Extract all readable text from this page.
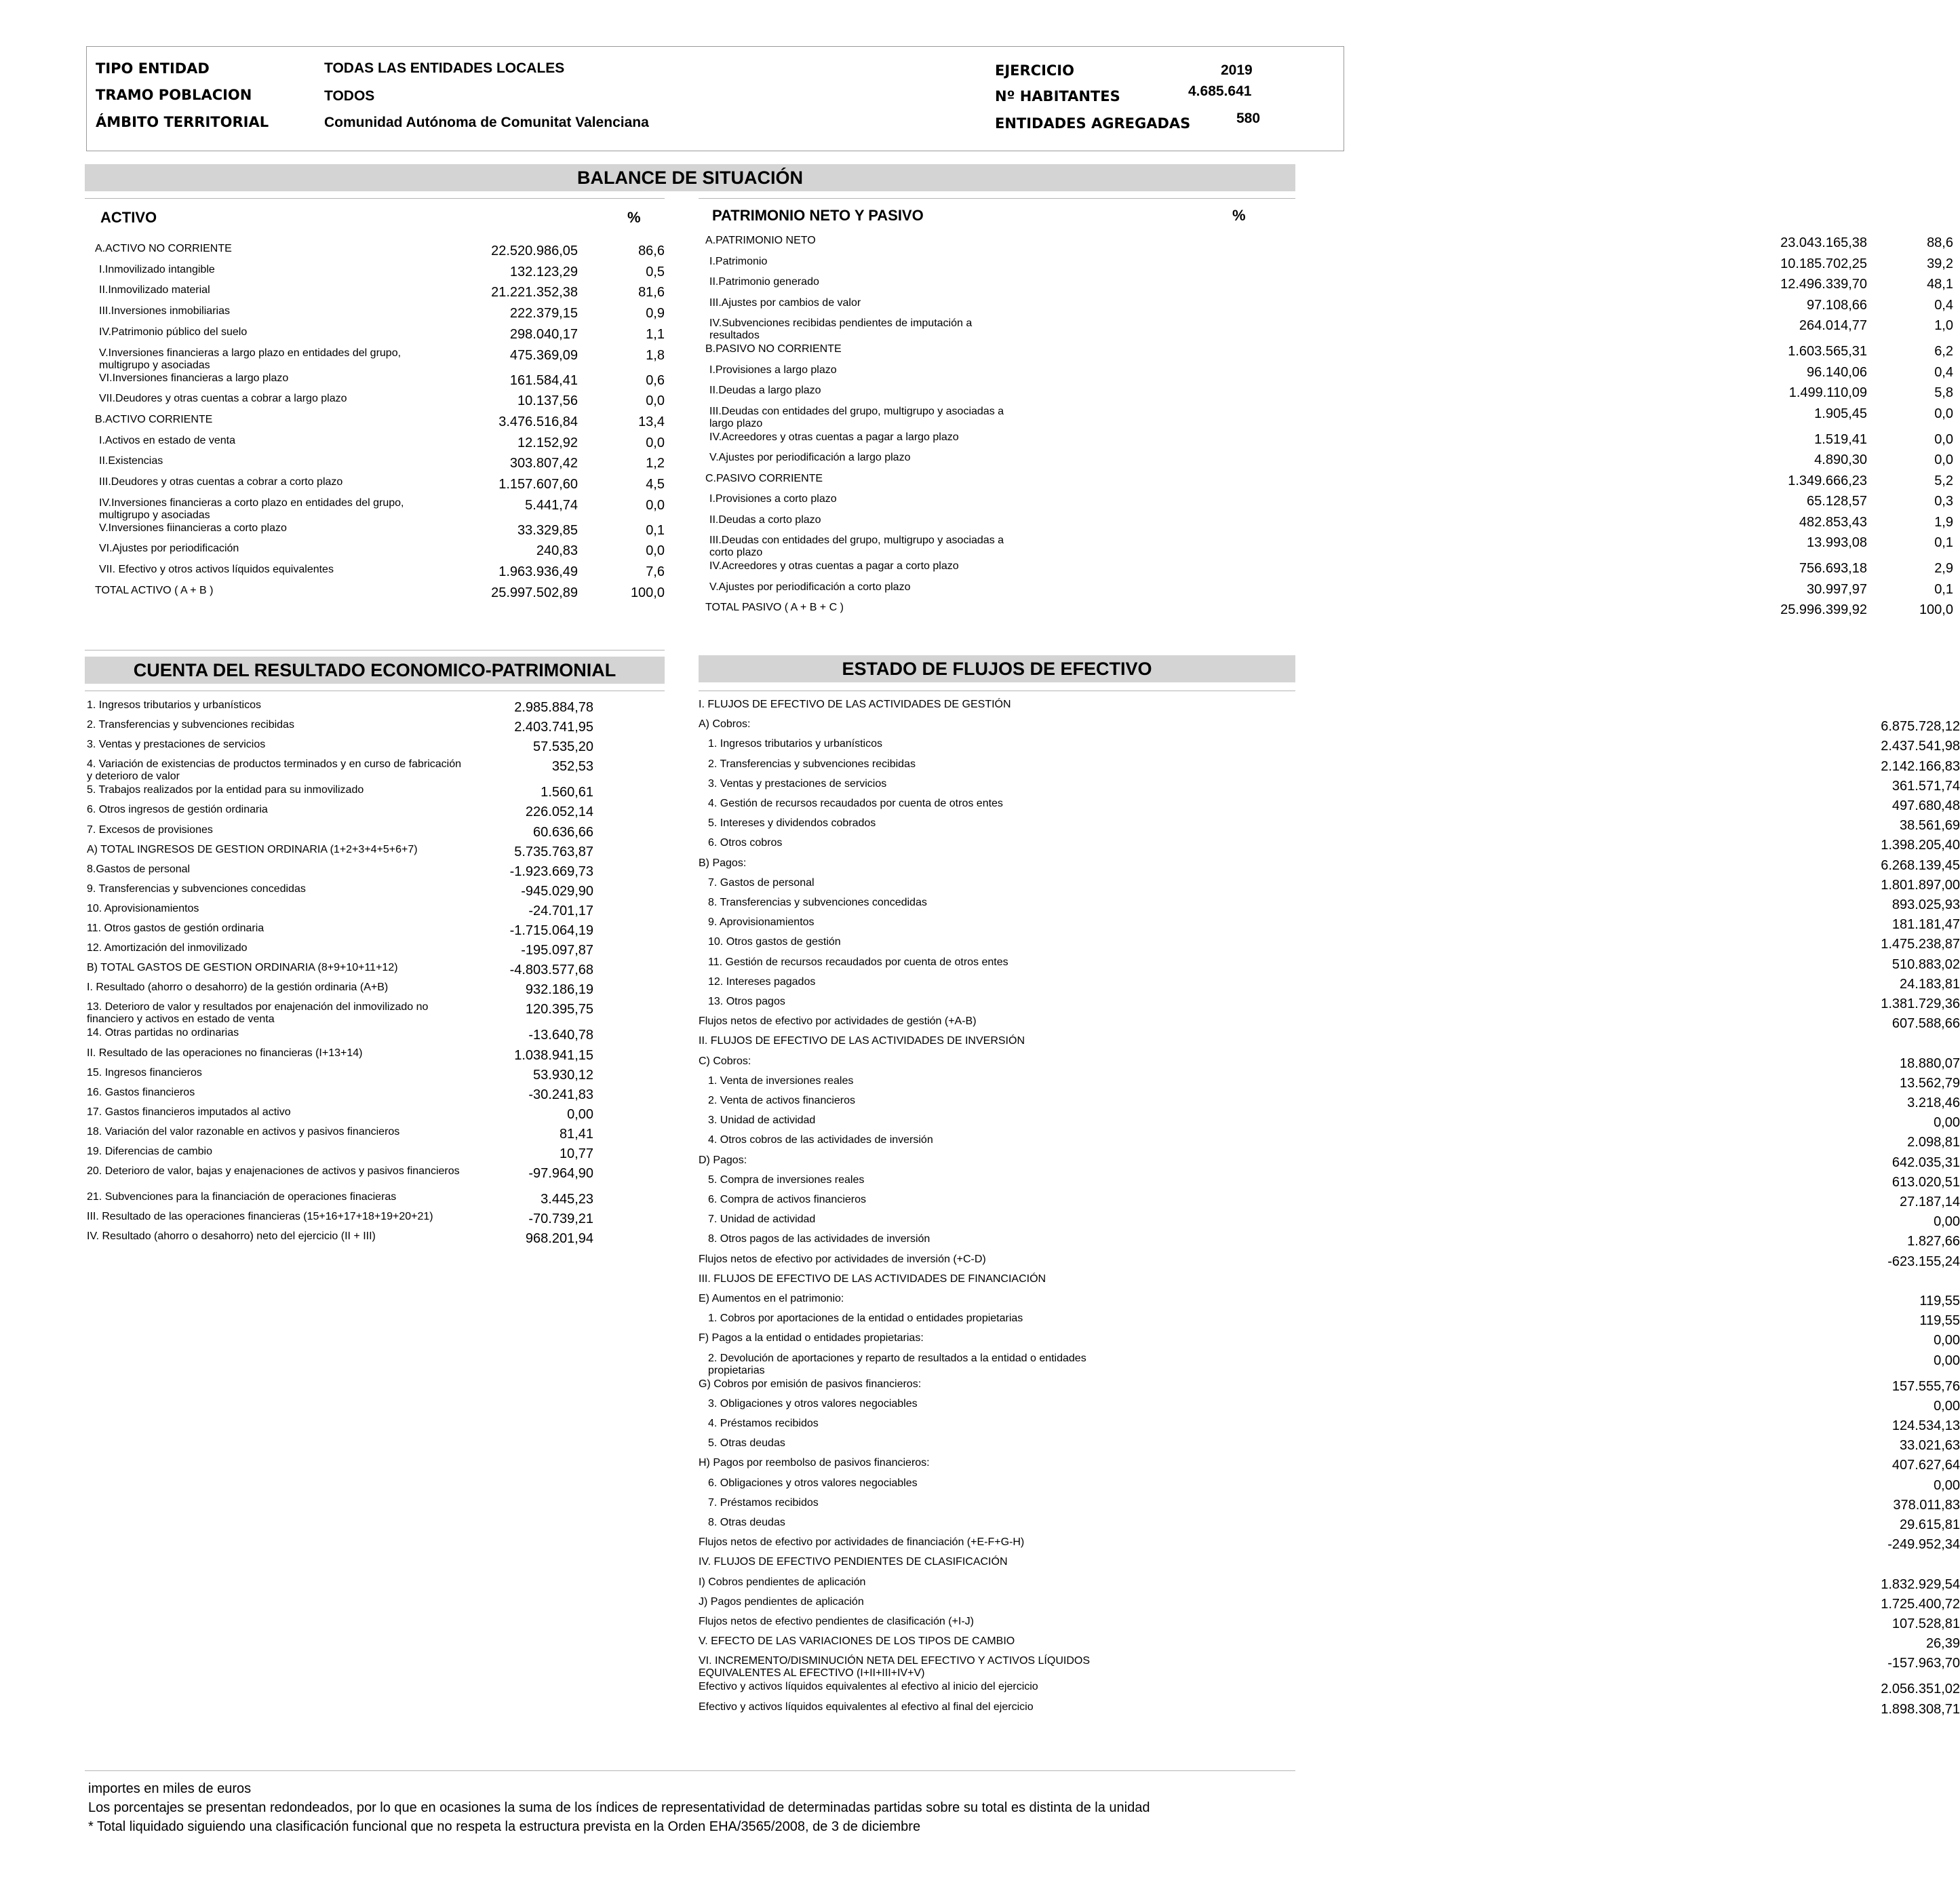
TIPO ENTIDAD	TODAS LAS ENTIDADES LOCALES
TRAMO POBLACION	TODOS
ÁMBITO TERRITORIAL	Comunidad Autónoma de Comunitat Valenciana
EJERCICIO	2019
Nº HABITANTES	4.685.641
ENTIDADES AGREGADAS	580
BALANCE DE SITUACIÓN
ACTIVO	%	PATRIMONIO NETO Y PASIVO	%
A.ACTIVO NO CORRIENTE	22.520.986,05	86,6
I.Inmovilizado intangible	132.123,29	0,5
II.Inmovilizado material	21.221.352,38	81,6
III.Inversiones inmobiliarias	222.379,15	0,9
IV.Patrimonio público del suelo	298.040,17	1,1
V.Inversiones financieras a largo plazo en entidades del grupo, multigrupo y asociadas
475.369,09	1,8
VI.Inversiones financieras a largo plazo	161.584,41	0,6
VII.Deudores y otras cuentas a cobrar a largo plazo	10.137,56	0,0
B.ACTIVO CORRIENTE	3.476.516,84	13,4
I.Activos en estado de venta	12.152,92	0,0
II.Existencias	303.807,42	1,2
III.Deudores y otras cuentas a cobrar a corto plazo	1.157.607,60	4,5
IV.Inversiones financieras a corto plazo en entidades del grupo, multigrupo y asociadas
5.441,74	0,0
V.Inversiones fiinancieras a corto plazo	33.329,85	0,1
VI.Ajustes por periodificación	240,83	0,0
VII. Efectivo y otros activos líquidos equivalentes	1.963.936,49	7,6
TOTAL ACTIVO ( A + B )	25.997.502,89	100,0
A.PATRIMONIO NETO	23.043.165,38	88,6
I.Patrimonio	10.185.702,25	39,2
II.Patrimonio generado	12.496.339,70	48,1
III.Ajustes por cambios de valor	97.108,66	0,4
IV.Subvenciones recibidas pendientes de imputación a resultados
264.014,77	1,0
B.PASIVO NO CORRIENTE	1.603.565,31	6,2
I.Provisiones a largo plazo	96.140,06	0,4
II.Deudas a largo plazo	1.499.110,09	5,8
III.Deudas con entidades del grupo, multigrupo y asociadas a largo plazo
1.905,45	0,0
IV.Acreedores y otras cuentas a pagar a largo plazo	1.519,41	0,0
V.Ajustes por periodificación a largo plazo	4.890,30	0,0
C.PASIVO CORRIENTE	1.349.666,23	5,2
I.Provisiones a corto plazo	65.128,57	0,3
II.Deudas a corto plazo	482.853,43	1,9
III.Deudas con entidades del grupo, multigrupo y asociadas a corto plazo
13.993,08	0,1
IV.Acreedores y otras cuentas a pagar a corto plazo	756.693,18	2,9
V.Ajustes por periodificación a corto plazo	30.997,97	0,1
TOTAL PASIVO ( A + B + C )	25.996.399,92	100,0
CUENTA DEL RESULTADO ECONOMICO-PATRIMONIAL
1. Ingresos tributarios y urbanísticos	2.985.884,78
2. Transferencias y subvenciones recibidas	2.403.741,95
3. Ventas y prestaciones de servicios	57.535,20
4. Variación de existencias de productos terminados y en curso de fabricación y deterioro de valor
352,53
5. Trabajos realizados por la entidad para su inmovilizado	1.560,61
6. Otros ingresos de gestión ordinaria	226.052,14
7. Excesos de provisiones	60.636,66
A) TOTAL INGRESOS DE GESTION ORDINARIA (1+2+3+4+5+6+7)	5.735.763,87
8.Gastos de personal	-1.923.669,73
9. Transferencias y subvenciones concedidas	-945.029,90
10. Aprovisionamientos	-24.701,17
11. Otros gastos de gestión ordinaria	-1.715.064,19
12. Amortización del inmovilizado	-195.097,87
B) TOTAL GASTOS DE GESTION ORDINARIA (8+9+10+11+12)	-4.803.577,68
I. Resultado (ahorro o desahorro) de la gestión ordinaria (A+B)	932.186,19
13. Deterioro de valor y resultados por enajenación del inmovilizado no financiero y activos en estado de venta
120.395,75
14. Otras partidas no ordinarias	-13.640,78
II. Resultado de las operaciones no financieras (I+13+14)	1.038.941,15
15. Ingresos financieros	53.930,12
16. Gastos financieros	-30.241,83
17. Gastos financieros imputados al activo	0,00
18. Variación del valor razonable en activos y pasivos financieros	81,41
19. Diferencias de cambio	10,77
20. Deterioro de valor, bajas y enajenaciones de activos y pasivos financieros	-97.964,90
21. Subvenciones para la financiación de operaciones finacieras	3.445,23
III. Resultado de las operaciones financieras (15+16+17+18+19+20+21)	-70.739,21
IV. Resultado (ahorro o desahorro) neto del ejercicio (II + III)	968.201,94
ESTADO DE FLUJOS DE EFECTIVO
I. FLUJOS DE EFECTIVO DE LAS ACTIVIDADES DE GESTIÓN
A) Cobros:	6.875.728,12
1. Ingresos tributarios y urbanísticos	2.437.541,98
2. Transferencias y subvenciones recibidas	2.142.166,83
3. Ventas y prestaciones de servicios	361.571,74
4. Gestión de recursos recaudados por cuenta de otros entes	497.680,48
5. Intereses y dividendos cobrados	38.561,69
6. Otros cobros	1.398.205,40
B) Pagos:	6.268.139,45
7. Gastos de personal	1.801.897,00
8. Transferencias y subvenciones concedidas	893.025,93
9. Aprovisionamientos	181.181,47
10. Otros gastos de gestión	1.475.238,87
11. Gestión de recursos recaudados por cuenta de otros entes	510.883,02
12. Intereses pagados	24.183,81
13. Otros pagos	1.381.729,36
Flujos netos de efectivo por actividades de gestión (+A-B)	607.588,66
II. FLUJOS DE EFECTIVO DE LAS ACTIVIDADES DE INVERSIÓN
C) Cobros:	18.880,07
1. Venta de inversiones reales	13.562,79
2. Venta de activos financieros	3.218,46
3. Unidad de actividad	0,00
4. Otros cobros de las actividades de inversión	2.098,81
D) Pagos:	642.035,31
5. Compra de inversiones reales	613.020,51
6. Compra de activos financieros	27.187,14
7. Unidad de actividad	0,00
8. Otros pagos de las actividades de inversión	1.827,66
Flujos netos de efectivo por actividades de inversión (+C-D)	-623.155,24
III. FLUJOS DE EFECTIVO DE LAS ACTIVIDADES DE FINANCIACIÓN
E) Aumentos en el patrimonio:	119,55
1. Cobros por aportaciones de la entidad o entidades propietarias	119,55
F) Pagos a la entidad o entidades propietarias:	0,00
2. Devolución de aportaciones y reparto de resultados a la entidad o entidades propietarias
0,00
G) Cobros por emisión de pasivos financieros:	157.555,76
3. Obligaciones y otros valores negociables	0,00
4. Préstamos recibidos	124.534,13
5. Otras deudas	33.021,63
H) Pagos por reembolso de pasivos financieros:	407.627,64
6. Obligaciones y otros valores negociables	0,00
7. Préstamos recibidos	378.011,83
8. Otras deudas	29.615,81
Flujos netos de efectivo por actividades de financiación (+E-F+G-H)	-249.952,34
IV. FLUJOS DE EFECTIVO PENDIENTES DE CLASIFICACIÓN
I) Cobros pendientes de aplicación	1.832.929,54
J) Pagos pendientes de aplicación	1.725.400,72
Flujos netos de efectivo pendientes de clasificación (+I-J)	107.528,81
V. EFECTO DE LAS VARIACIONES DE LOS TIPOS DE CAMBIO	26,39
VI. INCREMENTO/DISMINUCIÓN NETA DEL EFECTIVO Y ACTIVOS LÍQUIDOS EQUIVALENTES AL EFECTIVO (I+II+III+IV+V)
-157.963,70
Efectivo y activos líquidos equivalentes al efectivo al inicio del ejercicio	2.056.351,02
Efectivo y activos líquidos equivalentes al efectivo al final del ejercicio	1.898.308,71
importes en miles de euros
Los porcentajes se presentan redondeados, por lo que en ocasiones la suma de los índices de representatividad de determinadas partidas sobre su total es distinta de la unidad
* Total liquidado siguiendo una clasificación funcional que no respeta la estructura prevista en la Orden EHA/3565/2008, de 3 de diciembre
